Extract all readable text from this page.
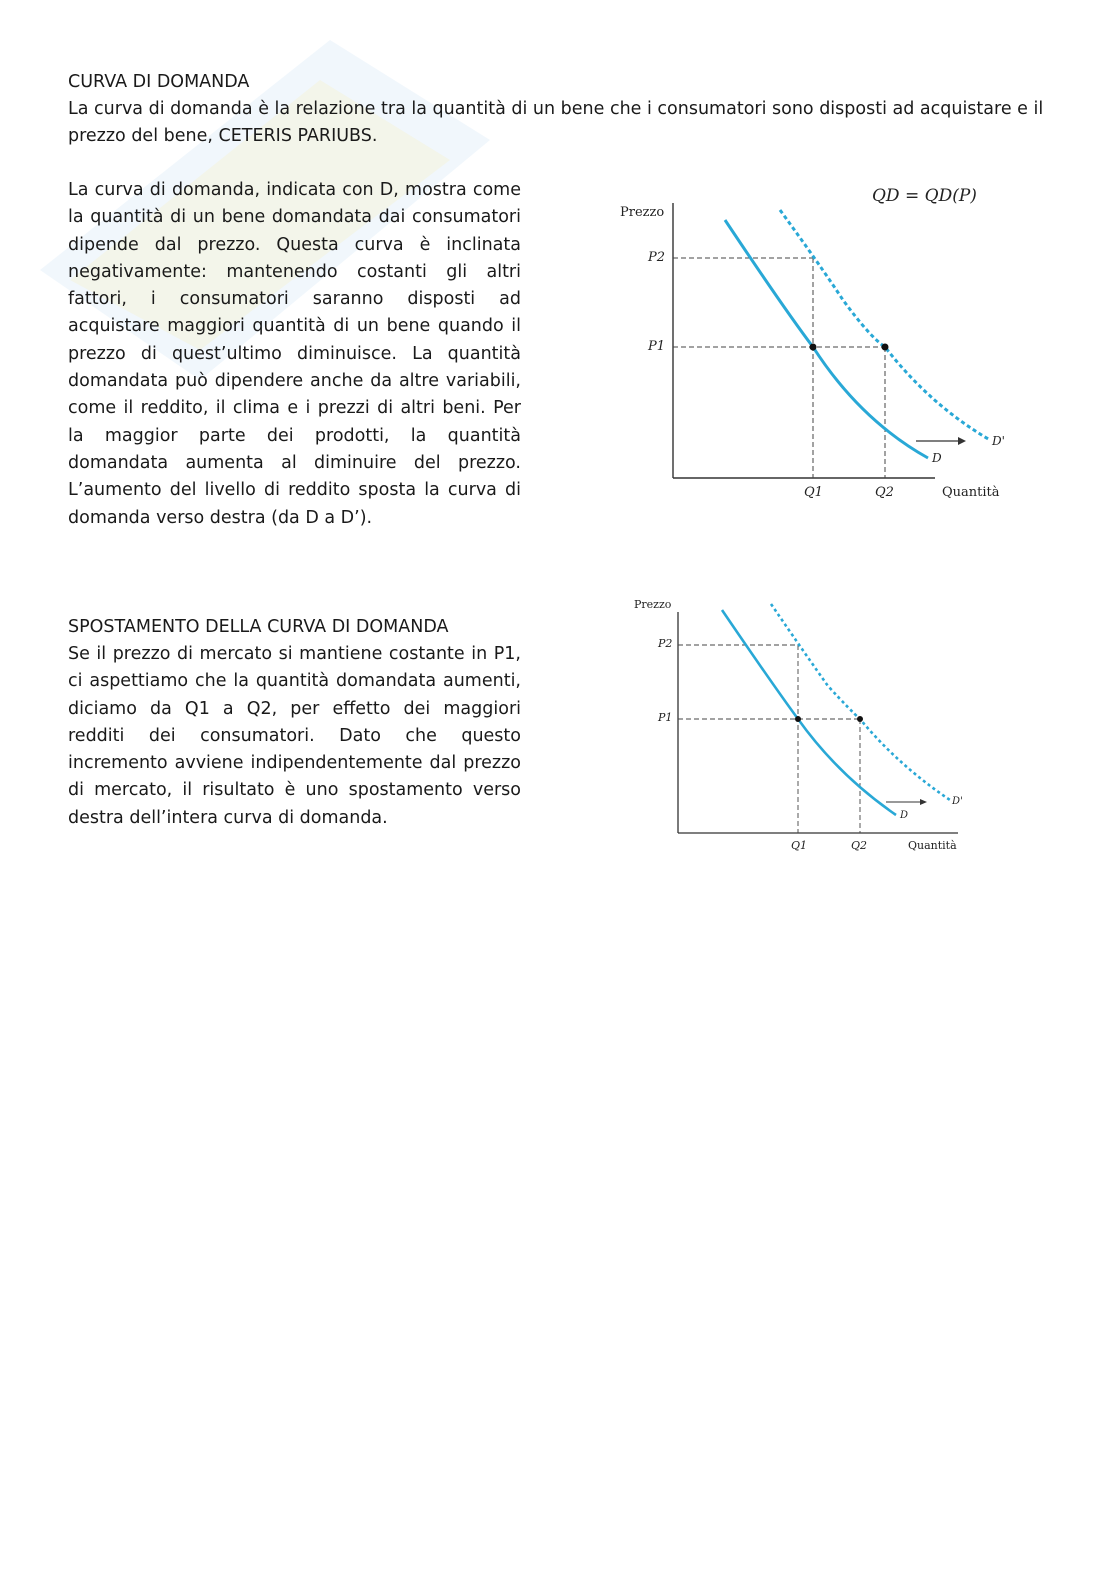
CURVA DI DOMANDA
La curva di domanda è la relazione tra la quantità di un bene che i consumatori sono disposti ad acquistare e il prezzo del bene, CETERIS PARIUBS.
La curva di domanda, indicata con D, mostra come la quantità di un bene domandata dai consumatori dipende dal prezzo. Questa curva è inclinata negativamente: mantenendo costanti gli altri fattori, i consumatori saranno disposti ad acquistare maggiori quantità di un bene quando il prezzo di quest’ultimo diminuisce. La quantità domandata può dipendere anche da altre variabili, come il reddito, il clima e i prezzi di altri beni. Per la maggior parte dei prodotti, la quantità domandata aumenta al diminuire del prezzo. L’aumento del livello di reddito sposta la curva di domanda verso destra (da D a D’).
QD = QD(P)
Prezzo
Quantità
P2
P1
Q1	Q2
D
D'
SPOSTAMENTO DELLA CURVA DI DOMANDA
Se il prezzo di mercato si mantiene costante in P1, ci aspettiamo che la quantità domandata aumenti, diciamo da Q1 a Q2, per effetto dei maggiori redditi dei consumatori. Dato che questo incremento avviene indipendentemente dal prezzo di mercato, il risultato è uno spostamento verso destra dell’intera curva di domanda.
Prezzo
Quantità
P2
P1
Q1	Q2
D
D'
